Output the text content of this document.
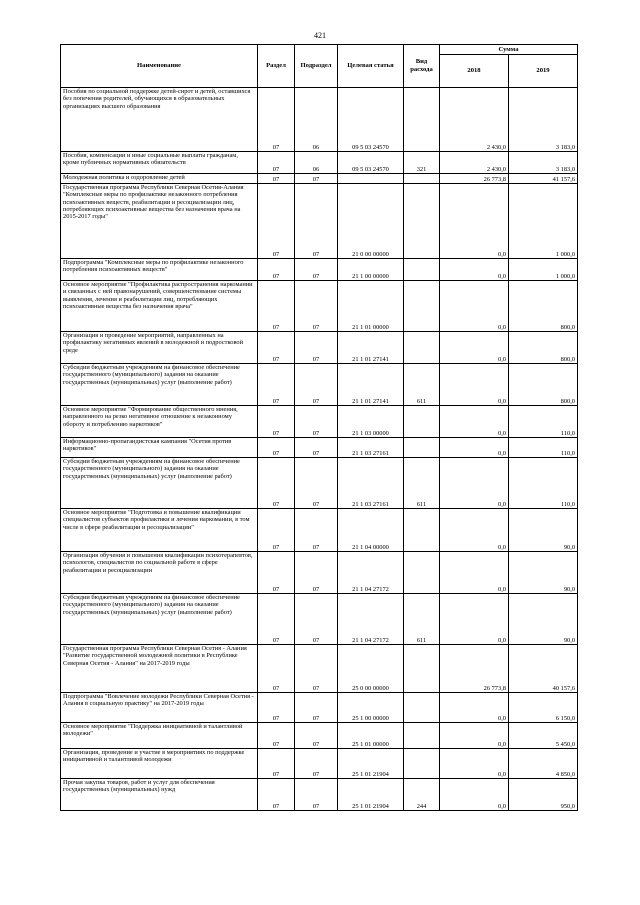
421
Наименование	Раздел	Подраздел	Целевая статья	Вид расхода	Сумма	
					2018	2019
Пособия по социальной поддержке детей-сирот и детей, оставшихся без попечения родителей, обучающихся в образовательных организациях высшего образования	07	06	09 5 03 24570		2 430,0	3 183,0
Пособия, компенсации и иные социальные выплаты гражданам, кроме публичных нормативных обязательств	07	06	09 5 03 24570	321	2 430,0	3 183,0
Молодежная политика и оздоровление детей	07	07			26 773,8	41 157,6
Государственная программа Республики Северная Осетия-Алания "Комплексные меры по профилактике незаконного потребления психоактивных веществ, реабилитации и ресоциализации лиц, потребляющих психоактивные вещества без назначения врача на 2015-2017 годы"	07	07	21 0 00 00000		0,0	1 000,0
Подпрограмма "Комплексные меры по профилактике незаконного потребления психоактивных веществ"	07	07	21 1 00 00000		0,0	1 000,0
Основное мероприятие "Профилактика распространения наркомании и связанных с ней правонарушений, совершенствование системы выявления, лечения и реабилитации лиц, потребляющих психоактивные вещества без назначения врача"	07	07	21 1 01 00000		0,0	800,0
Организация и проведение мероприятий, направленных на профилактику негативных явлений в молодежной и подростковой среде	07	07	21 1 01 27141		0,0	800,0
Субсидии бюджетным учреждениям на финансовое обеспечение государственного (муниципального) задания на оказание государственных (муниципальных) услуг (выполнение работ)	07	07	21 1 01 27141	611	0,0	800,0
Основное мероприятие "Формирование общественного мнения, направленного на резко негативное отношение к незаконному обороту и потреблению наркотиков"	07	07	21 1 03 00000		0,0	110,0
Информационно-пропагандистская кампания "Осетия против наркотиков"	07	07	21 1 03 27161		0,0	110,0
Субсидии бюджетным учреждениям на финансовое обеспечение государственного (муниципального) задания на оказание государственных (муниципальных) услуг (выполнение работ)	07	07	21 1 03 27161	611	0,0	110,0
Основное мероприятие "Подготовка и повышение квалификации специалистов субъектов профилактики и лечения наркомании, в том числе в сфере реабилитации и ресоциализации"	07	07	21 1 04 00000		0,0	90,0
Организация обучения и повышения квалификации психотерапевтов, психологов, специалистов по социальной работе в сфере реабилитации и ресоциализации	07	07	21 1 04 27172		0,0	90,0
Субсидии бюджетным учреждениям на финансовое обеспечение государственного (муниципального) задания на оказание государственных (муниципальных) услуг (выполнение работ)	07	07	21 1 04 27172	611	0,0	90,0
Государственная программа Республики Северная Осетия - Алания "Развитие государственной молодежной политики в Республике Северная Осетия - Алания" на 2017-2019 годы	07	07	25 0 00 00000		26 773,8	40 157,6
Подпрограмма "Вовлечение молодежи Республики Северная Осетия - Алания в социальную практику" на 2017-2019 годы	07	07	25 1 00 00000		0,0	6 150,0
Основное мероприятие "Поддержка инициативной и талантливой молодежи"	07	07	25 1 01 00000		0,0	5 450,0
Организация, проведение и участие в мероприятиях по поддержке инициативной и талантливой молодежи	07	07	25 1 01 21904		0,0	4 850,0
Прочая закупка товаров, работ и услуг для обеспечения государственных (муниципальных) нужд	07	07	25 1 01 21904	244	0,0	950,0
